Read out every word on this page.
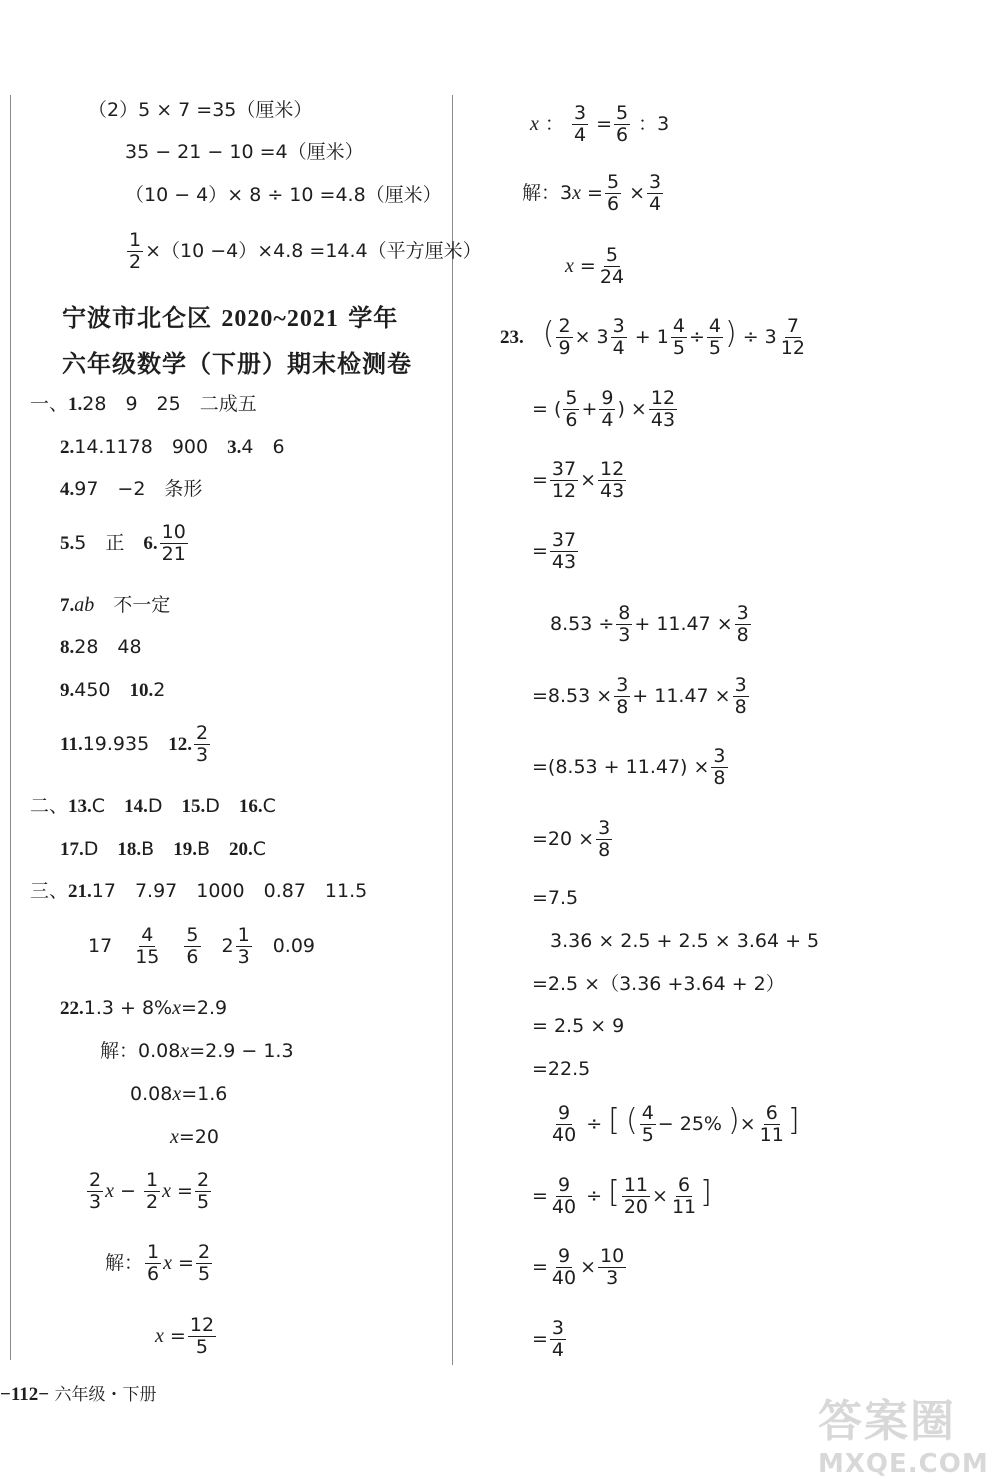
（2）5 × 7 =35（厘米）
35 − 21 − 10 =4（厘米）
（10 − 4）× 8 ÷ 10 =4.8（厘米）
$\frac{1}{2} \times(10 -4)\times 4.8 =14.4$（平方厘米）
宁波市北仑区 2020~2021 学年
六年级数学（下册）期末检测卷
一、1.28　9　25　二成五
2.14.1178　900　 3.4　6
4.97　−2　条形
5.5　正　 6. $\frac{10}{21}$
7.ab　不一定
8.28　48
9.450　 10.2
11.19.935　 12. $\frac{2}{3}$
二、13.C　 14.D　 15.D　 16.C
17.D　 18.B　 19.B　 20.C
三、21.17　7.97　1000　0.87　11.5
17　 $\frac{4}{15}$
　 $\frac{5}{6}$
　 2 1
3
　 0.09
22.1.3 + 8%x=2.9
解：0.08x=2.9 − 1.3
0.08x=1.6
x=20
$\frac{2}{3}$ $x - \frac{1}{2}$ $x = \frac{2}{5}$
解： $\frac{1}{6}$ $x = \frac{2}{5}$
$x = \frac{12}{5}$
x ： $\frac{3}{4} = \frac{5}{6}$ ：3
解：$3x = \frac{5}{6} \times \frac{3}{4}$
$x = \frac{5}{24}$
23.　 ( $\frac{2}{9} \times 3 \frac{3}{4} + 1 \frac{4}{5} \div \frac{4}{5}$ ) ÷ $3 \frac{7}{12}$
= ( $\frac{5}{6} + \frac{9}{4}$ ) × $\frac{12}{43}$
= $\frac{37}{12} \times \frac{12}{43}$
= $\frac{37}{43}$
$8.53 \div \frac{8}{3} + 11.47 \times \frac{3}{8}$
$=8.53 \times \frac{3}{8} + 11.47 \times \frac{3}{8}$
$=(8.53 + 11.47) \times \frac{3}{8}$
$=20 \times \frac{3}{8}$
=7.5
3.36 × 2.5 + 2.5 × 3.64 + 5
=2.5 ×（3.36 +3.64 + 2）
= 2.5 × 9
=22.5
$\frac{9}{40}$ ÷ [ ( $\frac{4}{5} - 25\%$ )× $\frac{6}{11}$ ]
= $\frac{9}{40}$ ÷ [ $\frac{11}{20} \times \frac{6}{11}$ ]
= $\frac{9}{40} \times \frac{10}{3}$
= $\frac{3}{4}$
−112− 六年级・下册
答案圈
MXQE.COM
